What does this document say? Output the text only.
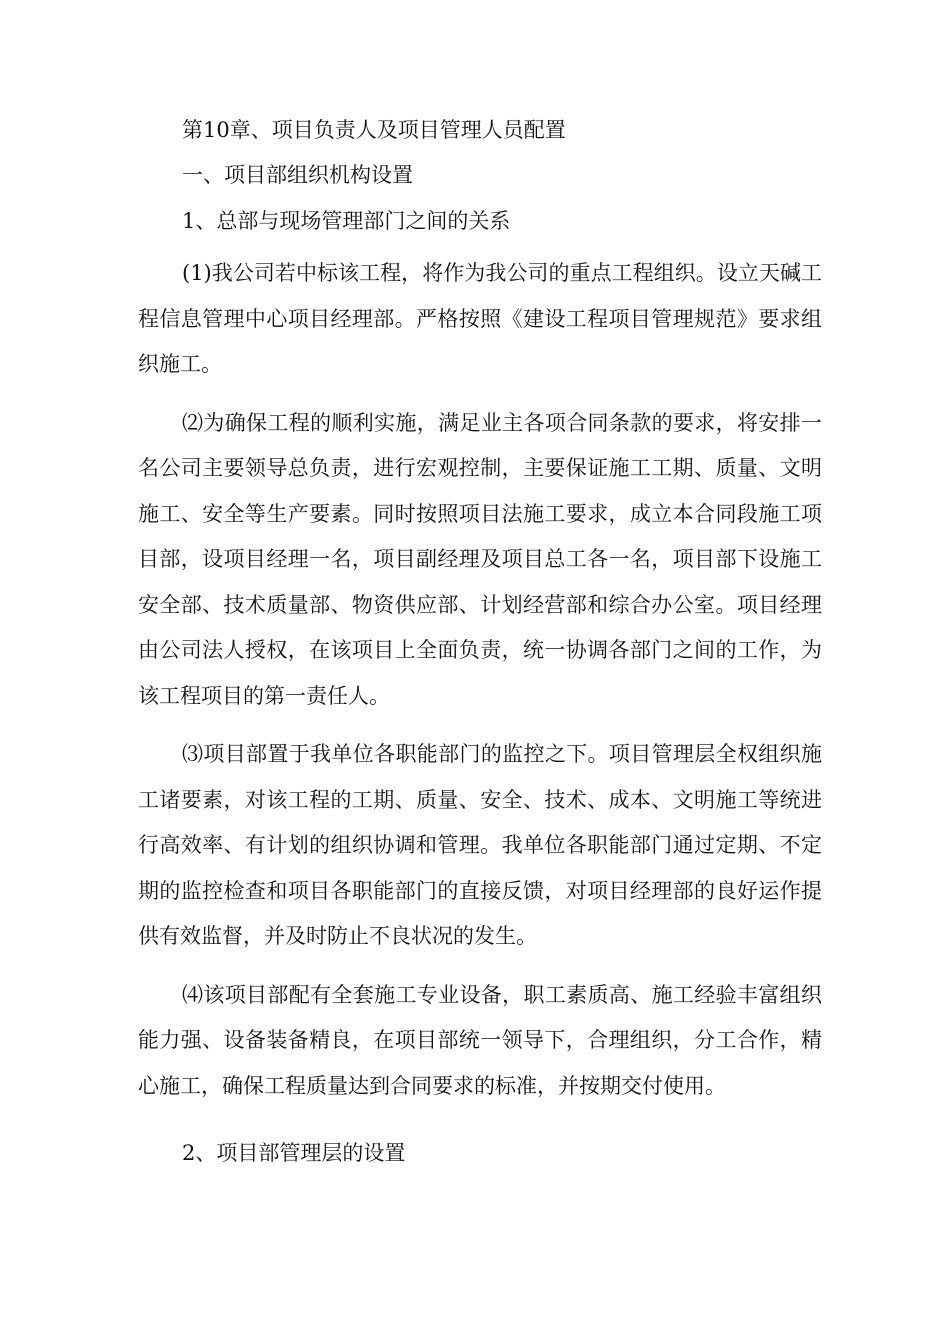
第10章、项目负责人及项目管理人员配置
一、项目部组织机构设置
1、总部与现场管理部门之间的关系

(1)我公司若中标该工程，将作为我公司的重点工程组织。设立天碱工程信息管理中心项目经理部。严格按照《建设工程项目管理规范》要求组织施工。

⑵为确保工程的顺利实施，满足业主各项合同条款的要求，将安排一名公司主要领导总负责，进行宏观控制，主要保证施工工期、质量、文明施工、安全等生产要素。同时按照项目法施工要求，成立本合同段施工项目部，设项目经理一名，项目副经理及项目总工各一名，项目部下设施工安全部、技术质量部、物资供应部、计划经营部和综合办公室。项目经理由公司法人授权，在该项目上全面负责，统一协调各部门之间的工作，为该工程项目的第一责任人。

⑶项目部置于我单位各职能部门的监控之下。项目管理层全权组织施工诸要素，对该工程的工期、质量、安全、技术、成本、文明施工等统进行高效率、有计划的组织协调和管理。我单位各职能部门通过定期、不定期的监控检查和项目各职能部门的直接反馈，对项目经理部的良好运作提供有效监督，并及时防止不良状况的发生。

⑷该项目部配有全套施工专业设备，职工素质高、施工经验丰富组织能力强、设备装备精良，在项目部统一领导下，合理组织，分工合作，精心施工，确保工程质量达到合同要求的标准，并按期交付使用。

2、项目部管理层的设置
